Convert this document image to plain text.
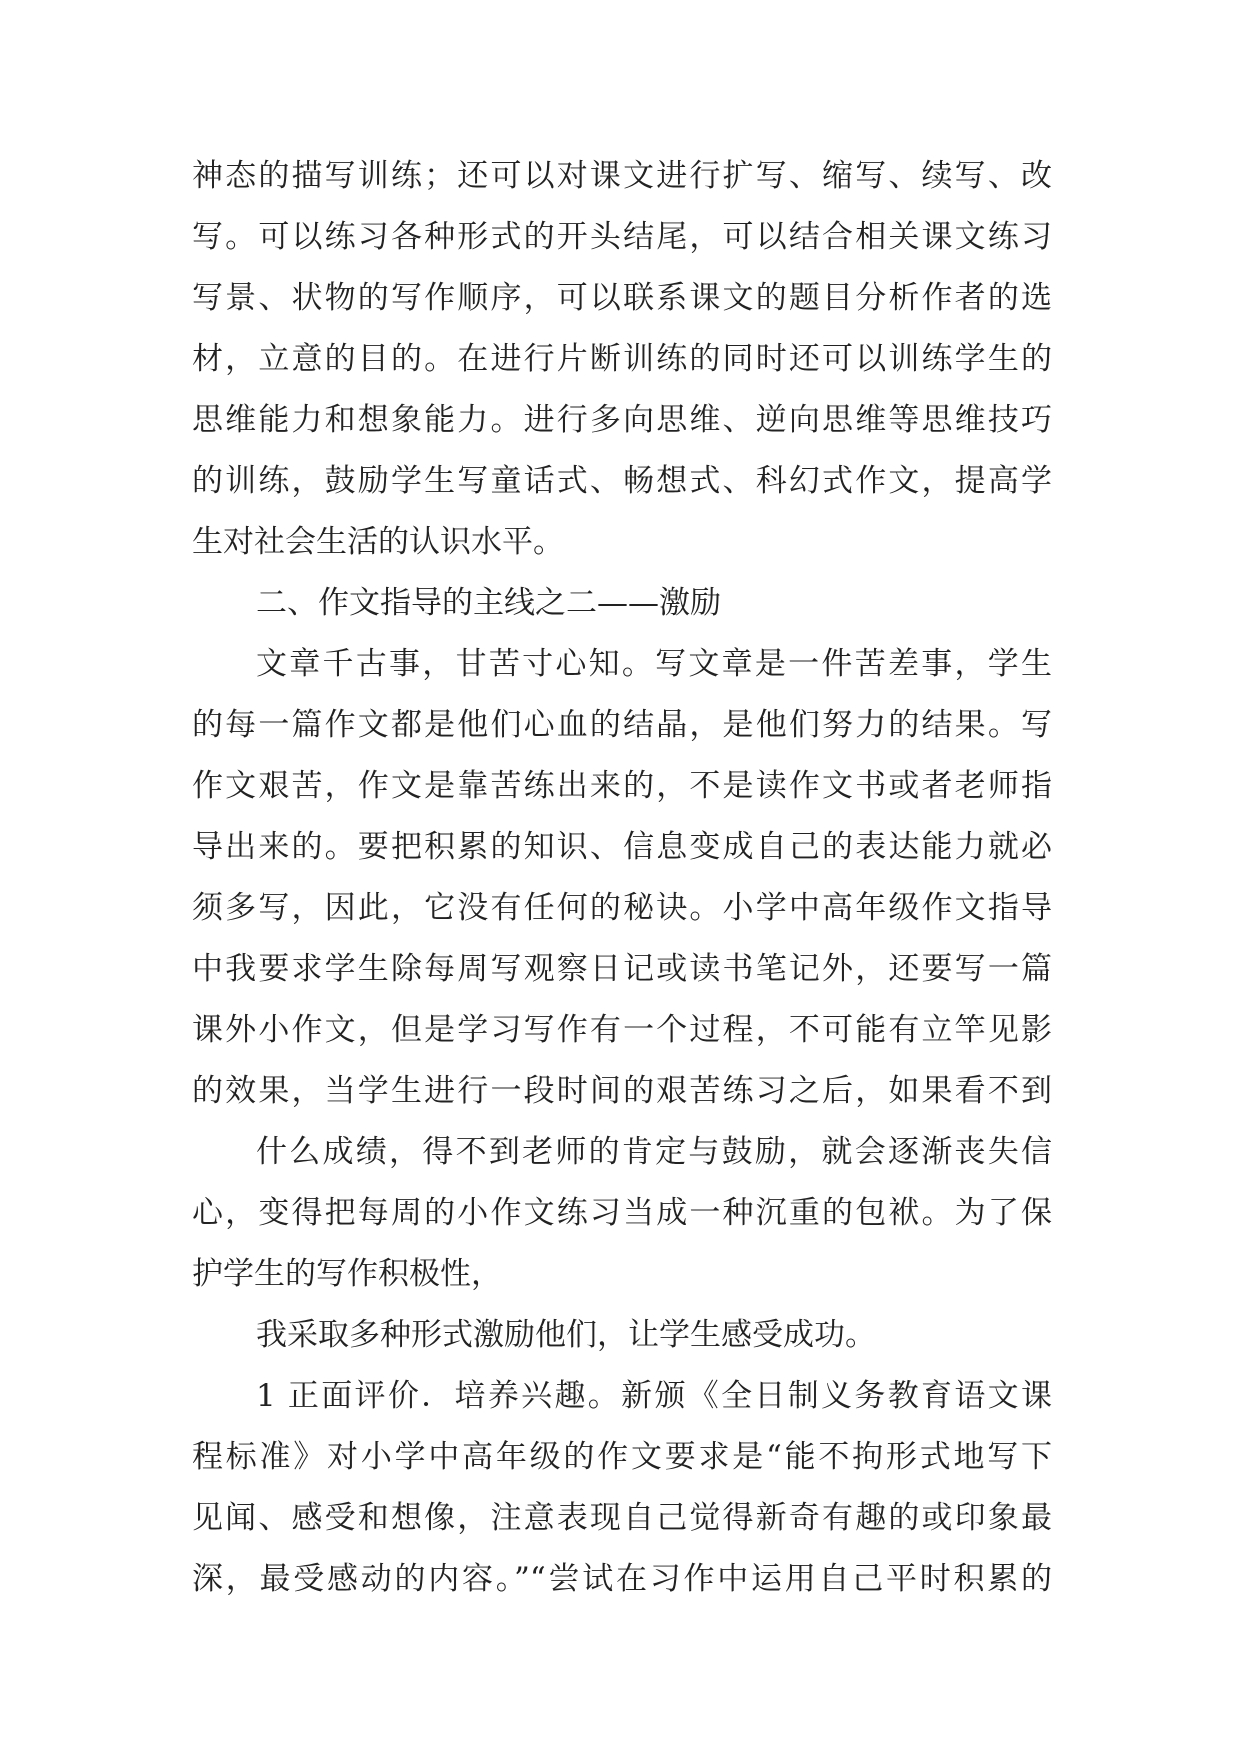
神态的描写训练；还可以对课文进行扩写、缩写、续写、改
写。可以练习各种形式的开头结尾，可以结合相关课文练习
写景、状物的写作顺序，可以联系课文的题目分析作者的选
材，立意的目的。在进行片断训练的同时还可以训练学生的
思维能力和想象能力。进行多向思维、逆向思维等思维技巧
的训练，鼓励学生写童话式、畅想式、科幻式作文，提高学
生对社会生活的认识水平。
二、作文指导的主线之二——激励
文章千古事，甘苦寸心知。写文章是一件苦差事，学生
的每一篇作文都是他们心血的结晶，是他们努力的结果。写
作文艰苦，作文是靠苦练出来的，不是读作文书或者老师指
导出来的。要把积累的知识、信息变成自己的表达能力就必
须多写，因此，它没有任何的秘诀。小学中高年级作文指导
中我要求学生除每周写观察日记或读书笔记外，还要写一篇
课外小作文，但是学习写作有一个过程，不可能有立竿见影
的效果，当学生进行一段时间的艰苦练习之后，如果看不到
什么成绩，得不到老师的肯定与鼓励，就会逐渐丧失信
心，变得把每周的小作文练习当成一种沉重的包袱。为了保
护学生的写作积极性，
我采取多种形式激励他们，让学生感受成功。
1 正面评价．培养兴趣。新颁《全日制义务教育语文课
程标准》对小学中高年级的作文要求是“能不拘形式地写下
见闻、感受和想像，注意表现自己觉得新奇有趣的或印象最
深，最受感动的内容。”“尝试在习作中运用自己平时积累的
